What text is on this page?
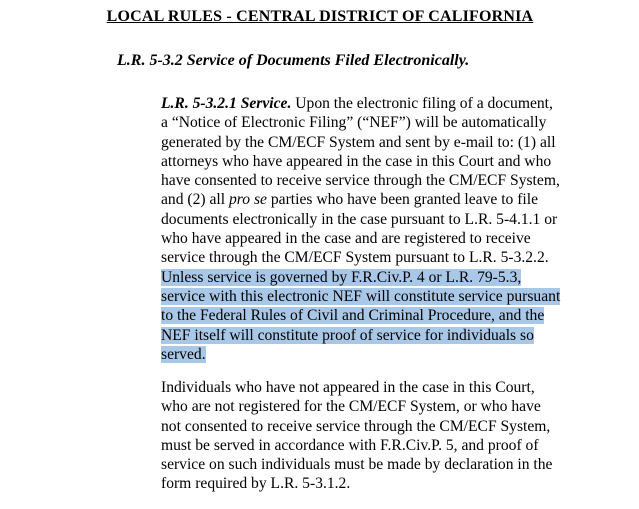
LOCAL RULES - CENTRAL DISTRICT OF CALIFORNIA
L.R. 5-3.2 Service of Documents Filed Electronically.
L.R. 5-3.2.1 Service. Upon the electronic filing of a document,
a “Notice of Electronic Filing” (“NEF”) will be automatically
generated by the CM/ECF System and sent by e-mail to: (1) all
attorneys who have appeared in the case in this Court and who
have consented to receive service through the CM/ECF System,
and (2) all pro se parties who have been granted leave to file
documents electronically in the case pursuant to L.R. 5-4.1.1 or
who have appeared in the case and are registered to receive
service through the CM/ECF System pursuant to L.R. 5-3.2.2.
Unless service is governed by F.R.Civ.P. 4 or L.R. 79-5.3,
service with this electronic NEF will constitute service pursuant
to the Federal Rules of Civil and Criminal Procedure, and the
NEF itself will constitute proof of service for individuals so
served.
Individuals who have not appeared in the case in this Court,
who are not registered for the CM/ECF System, or who have
not consented to receive service through the CM/ECF System,
must be served in accordance with F.R.Civ.P. 5, and proof of
service on such individuals must be made by declaration in the
form required by L.R. 5-3.1.2.
